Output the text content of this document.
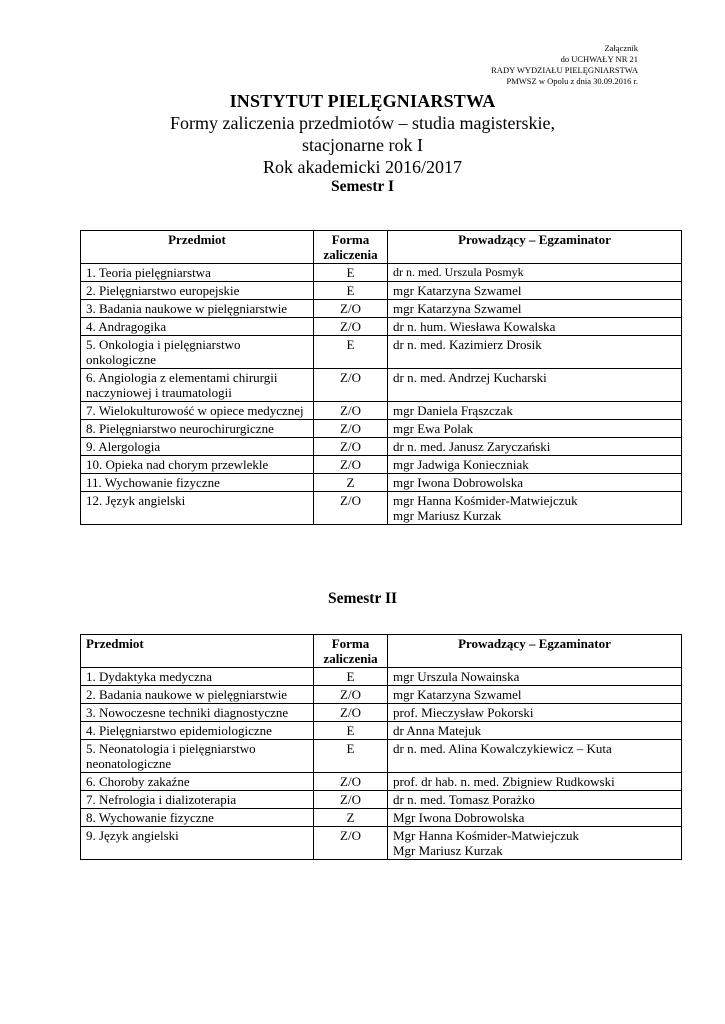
Załącznik
do UCHWAŁY NR 21
RADY WYDZIAŁU PIELĘGNIARSTWA
PMWSZ w Opolu z dnia 30.09.2016 r.
INSTYTUT PIELĘGNIARSTWA
Formy zaliczenia przedmiotów – studia magisterskie,
stacjonarne rok I
Rok akademicki 2016/2017
Semestr I
Przedmiot	Forma zaliczenia	Prowadzący – Egzaminator
1. Teoria pielęgniarstwa	E	dr n. med. Urszula Posmyk

2. Pielęgniarstwo europejskie	E	mgr Katarzyna Szwamel

3. Badania naukowe w pielęgniarstwie	Z/O	mgr Katarzyna Szwamel

4. Andragogika	Z/O	dr n. hum. Wiesława Kowalska

5. Onkologia i pielęgniarstwo onkologiczne	E	dr n. med. Kazimierz Drosik

6. Angiologia z elementami chirurgii naczyniowej i traumatologii	Z/O	dr n. med. Andrzej Kucharski

7. Wielokulturowość w opiece medycznej	Z/O	mgr Daniela Frąszczak

8. Pielęgniarstwo neurochirurgiczne	Z/O	mgr Ewa Polak

9. Alergologia	Z/O	dr n. med. Janusz Zaryczański

10. Opieka nad chorym przewlekle	Z/O	mgr Jadwiga Konieczniak

11. Wychowanie fizyczne	Z	mgr Iwona Dobrowolska

12. Język angielski	Z/O	mgr Hanna Kośmider-Matwiejczuk
mgr Mariusz Kurzak
Semestr II
Przedmiot	Forma zaliczenia	Prowadzący – Egzaminator
1. Dydaktyka medyczna	E	mgr Urszula Nowainska

2. Badania naukowe w pielęgniarstwie	Z/O	mgr Katarzyna Szwamel

3. Nowoczesne techniki diagnostyczne	Z/O	prof. Mieczysław Pokorski

4. Pielęgniarstwo epidemiologiczne	E	dr Anna Matejuk

5. Neonatologia i pielęgniarstwo neonatologiczne	E	dr n. med. Alina Kowalczykiewicz – Kuta

6. Choroby zakaźne	Z/O	prof. dr hab. n. med. Zbigniew Rudkowski

7. Nefrologia i dializoterapia	Z/O	dr n. med. Tomasz Porażko

8. Wychowanie fizyczne	Z	Mgr Iwona Dobrowolska

9. Język angielski	Z/O	Mgr Hanna Kośmider-Matwiejczuk
Mgr Mariusz Kurzak
